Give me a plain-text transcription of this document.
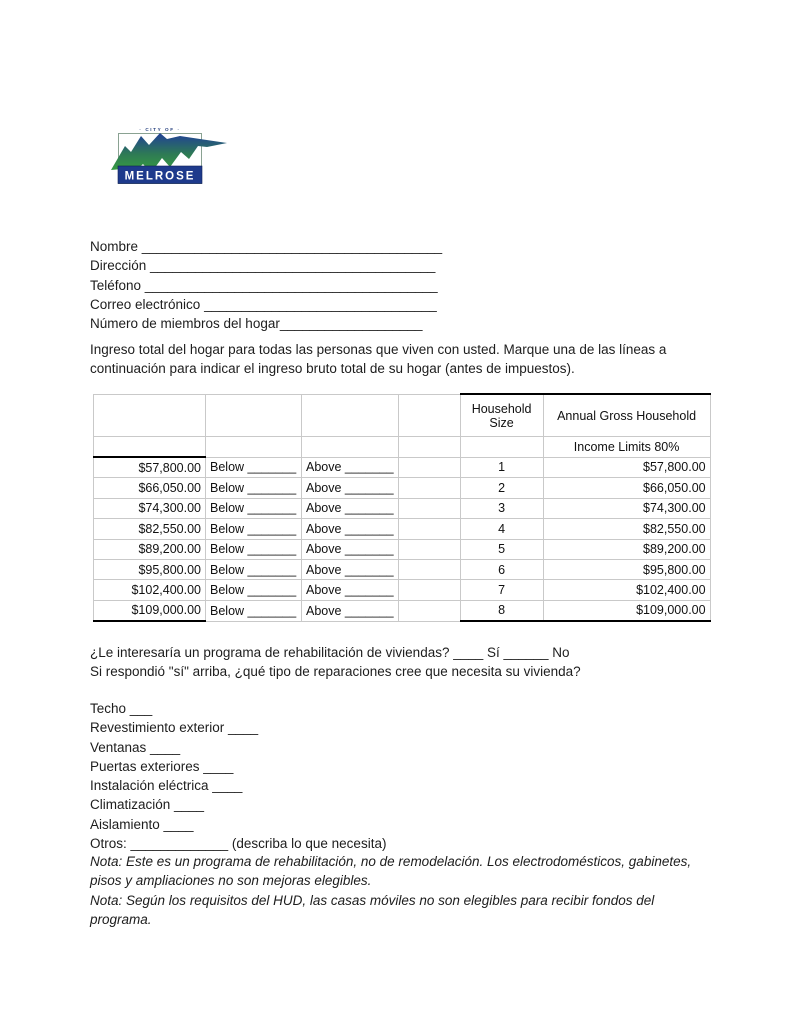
· CITY OF ·
MELROSE
Nombre ________________________________________
Dirección ______________________________________
Teléfono _______________________________________
Correo electrónico _______________________________
Número de miembros del hogar___________________

Ingreso total del hogar para todas las personas que viven con usted. Marque una de las líneas a continuación para indicar el ingreso bruto total de su hogar (antes de impuestos).

				Household
Size	Annual Gross Household
					Income Limits 80%
$57,800.00	Below _______	Above _______		1	$57,800.00
$66,050.00	Below _______	Above _______		2	$66,050.00
$74,300.00	Below _______	Above _______		3	$74,300.00
$82,550.00	Below _______	Above _______		4	$82,550.00
$89,200.00	Below _______	Above _______		5	$89,200.00
$95,800.00	Below _______	Above _______		6	$95,800.00
$102,400.00	Below _______	Above _______		7	$102,400.00
$109,000.00	Below _______	Above _______		8	$109,000.00
¿Le interesaría un programa de rehabilitación de viviendas? ____ Sí ______ No
Si respondió "sí" arriba, ¿qué tipo de reparaciones cree que necesita su vivienda?
Techo ___
Revestimiento exterior ____
Ventanas ____
Puertas exteriores ____
Instalación eléctrica ____
Climatización ____
Aislamiento ____
Otros: _____________ (describa lo que necesita)

Nota: Este es un programa de rehabilitación, no de remodelación. Los electrodomésticos, gabinetes, pisos y ampliaciones no son mejoras elegibles.

Nota: Según los requisitos del HUD, las casas móviles no son elegibles para recibir fondos del programa.
